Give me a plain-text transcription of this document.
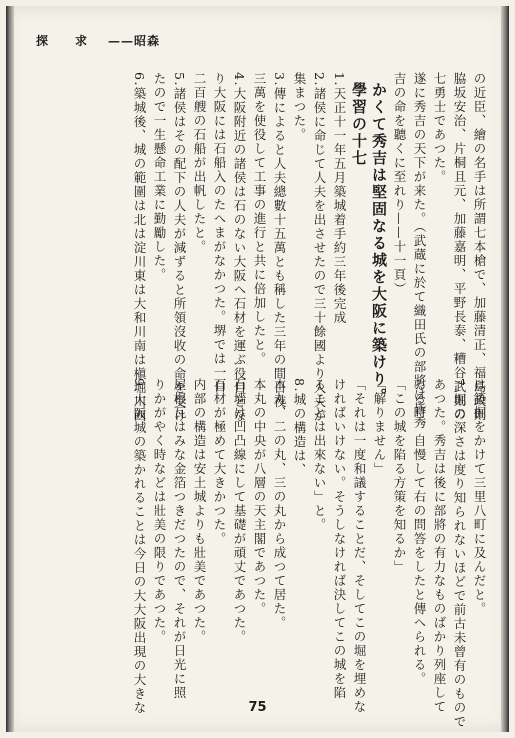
探　　求 ——昭森
の近臣、繪の名手は所謂七本槍で、加藤清正、福島政則
脇坂安治、片桐且元、加藤嘉明、平野長泰、糟谷武則の
七勇士であつた。
遂に秀吉の天下が来た。（武蔵に於て織田氏の部將は皆秀
吉の命を聽くに至れり——十一頁）
かくて秀吉は堅固なる城を大阪に築けり。
學習の十七
1.天正十一年五月築城着手約三年後完成
2.諸侯に命じて人夫を出させたので三十餘國より人夫が
集まつた。
3.傳によると人夫總數十五萬とも稱した三年の間日夜
三萬を使役して工事の進行と共に倍加したと。
4.大阪附近の諸侯は石のない大阪へ石材を運ぶ役目とな
り大阪には石船入のたへまがなかつた。堺では一日
二百艘の石船が出帆したと。
5.諸侯はその配下の人夫が減ずると所領沒收の命を受け
たので一生懸命工業に勤勵した。
6.築城後、城の範圍は北は淀川東は大和川南は槇堀川西
は築掘をかけて三里八町に及んだと。
7.堀の深さは度り知られないほどで前古未曾有のもので
あつた。秀吉は後に部將の有力なものばかり列座して
ゐる時、自慢して右の問答をしたと傳へられる。
「この城を陷る方策を知るか」
「解りません」
「それは一度和議することだ、そしてこの堀を埋めな
ければいけない。そうしなければ決してこの城を陷
ることは出來ない」と。
8.城の構造は、
本丸、二の丸、三の丸から成つて居た。
本丸の中央が八層の天主閣であつた。
石墻は凹凸線にして基礎が頑丈であつた。
石材が極めて大きかつた。
内部の構造は安土城よりも壯美であつた。
屋根瓦はみな金箔つきだつたので、それが日光に照
りかがやく時などは壯美の限りであつた。
9.大阪城の築かれることは今日の大大阪出現の大きな	75
